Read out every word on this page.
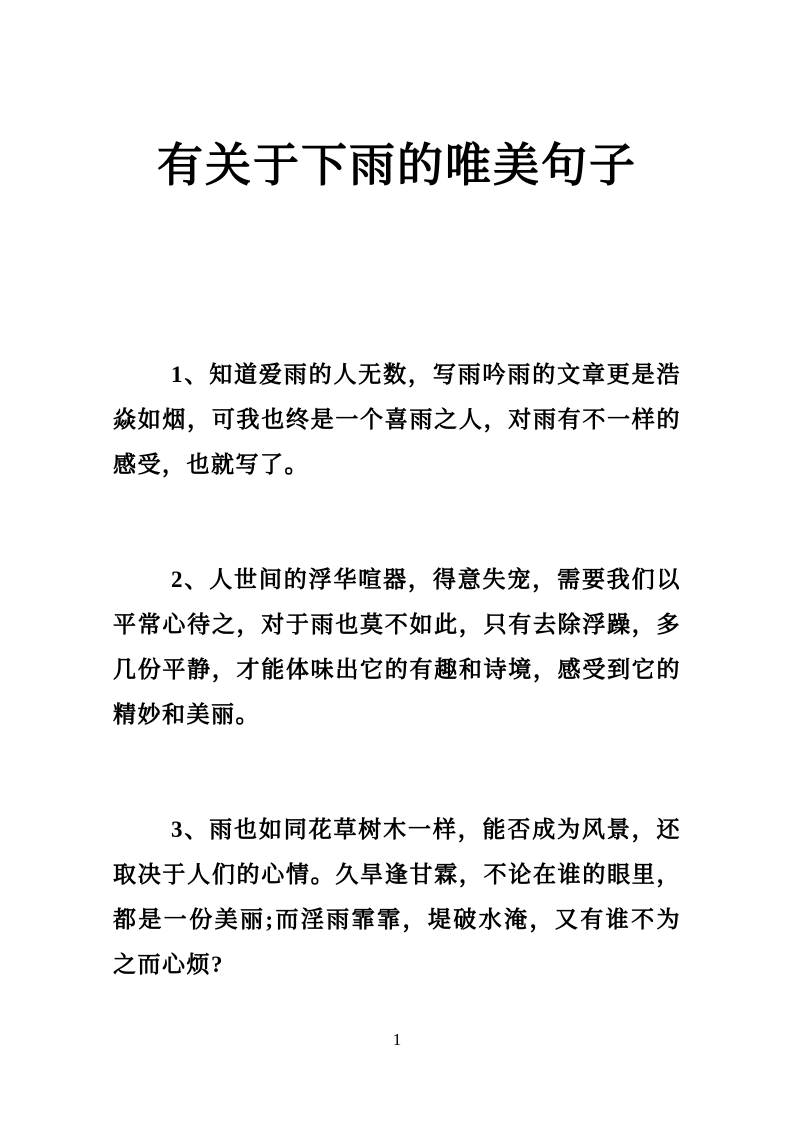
有关于下雨的唯美句子

1、知道爱雨的人无数，写雨吟雨的文章更是浩焱如烟，可我也终是一个喜雨之人，对雨有不一样的感受，也就写了。

2、人世间的浮华喧器，得意失宠，需要我们以平常心待之，对于雨也莫不如此，只有去除浮躁，多几份平静，才能体味出它的有趣和诗境，感受到它的精妙和美丽。

3、雨也如同花草树木一样，能否成为风景，还取决于人们的心情。久旱逢甘霖，不论在谁的眼里，都是一份美丽;而淫雨霏霏，堤破水淹，又有谁不为之而心烦?

1
